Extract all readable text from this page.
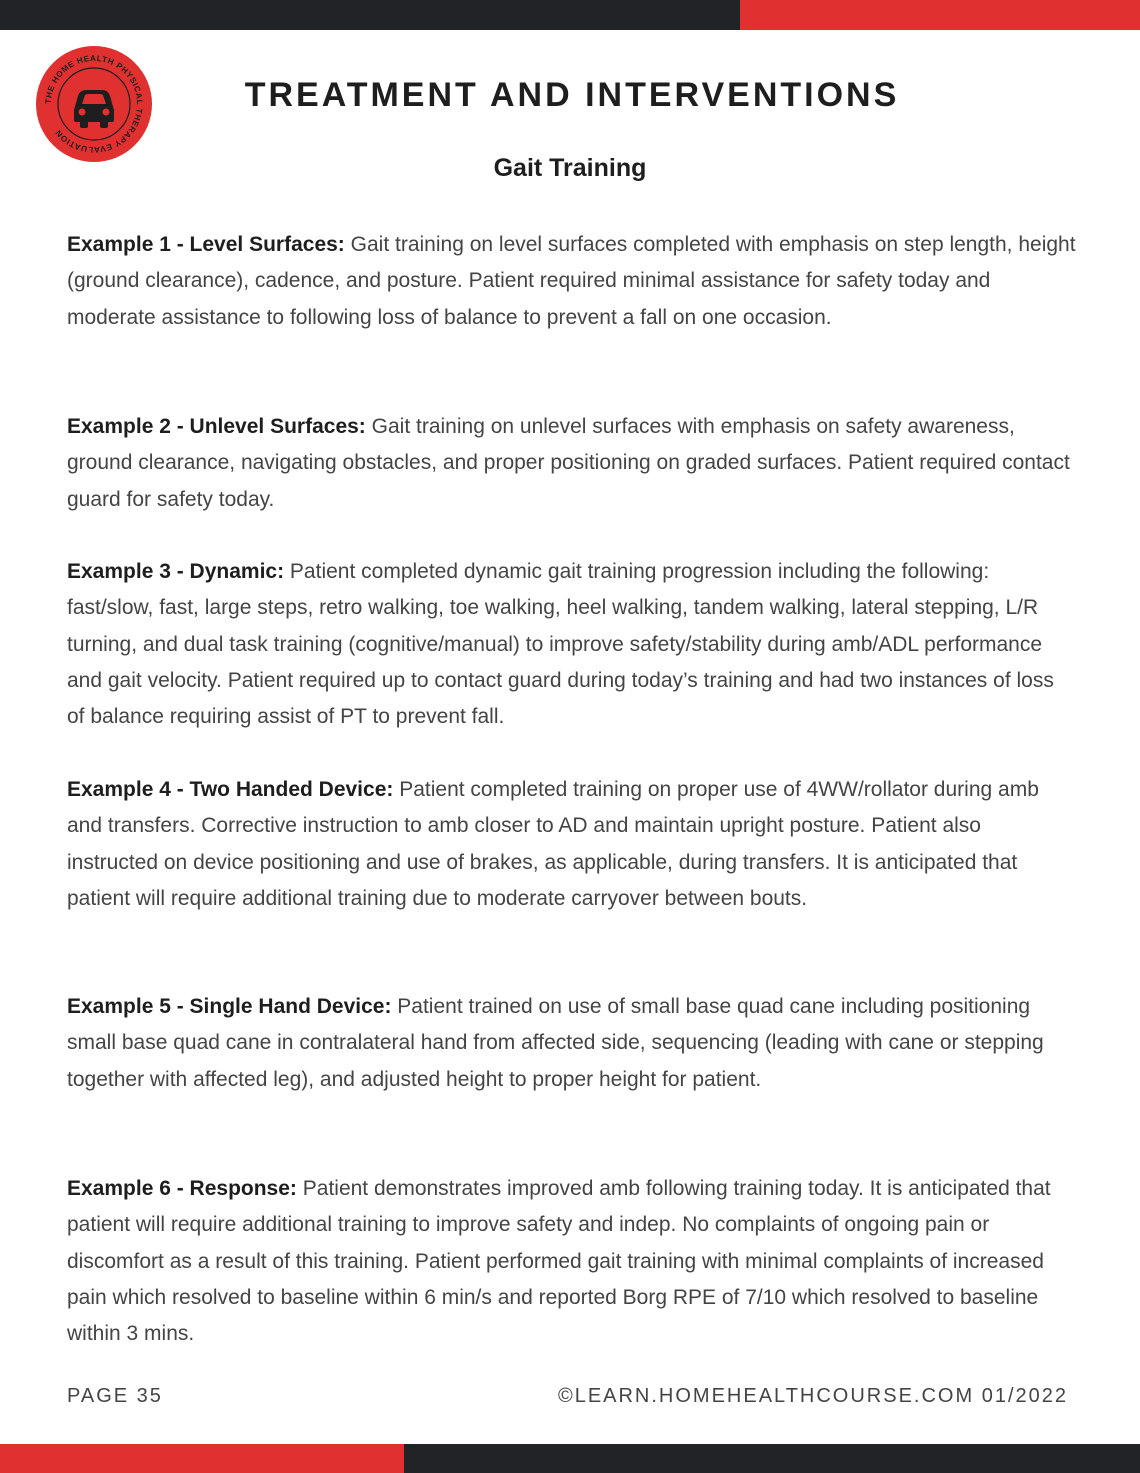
THE HOME HEALTH PHYSICAL THERAPY EVALUATION
TREATMENT AND INTERVENTIONS
Gait Training
Example 1 - Level Surfaces: Gait training on level surfaces completed with emphasis on step length, height (ground clearance), cadence, and posture. Patient required minimal assistance for safety today and moderate assistance to following loss of balance to prevent a fall on one occasion.
Example 2 - Unlevel Surfaces: Gait training on unlevel surfaces with emphasis on safety awareness, ground clearance, navigating obstacles, and proper positioning on graded surfaces. Patient required contact guard for safety today.
Example 3 - Dynamic: Patient completed dynamic gait training progression including the following: fast/slow, fast, large steps, retro walking, toe walking, heel walking, tandem walking, lateral stepping, L/R turning, and dual task training (cognitive/manual) to improve safety/stability during amb/ADL performance and gait velocity. Patient required up to contact guard during today’s training and had two instances of loss of balance requiring assist of PT to prevent fall.
Example 4 - Two Handed Device: Patient completed training on proper use of 4WW/rollator during amb and transfers. Corrective instruction to amb closer to AD and maintain upright posture. Patient also instructed on device positioning and use of brakes, as applicable, during transfers. It is anticipated that patient will require additional training due to moderate carryover between bouts.
Example 5 - Single Hand Device: Patient trained on use of small base quad cane including positioning small base quad cane in contralateral hand from affected side, sequencing (leading with cane or stepping together with affected leg), and adjusted height to proper height for patient.
Example 6 - Response: Patient demonstrates improved amb following training today. It is anticipated that patient will require additional training to improve safety and indep. No complaints of ongoing pain or discomfort as a result of this training. Patient performed gait training with minimal complaints of increased pain which resolved to baseline within 6 min/s and reported Borg RPE of 7/10 which resolved to baseline within 3 mins.
PAGE 35	©LEARN.HOMEHEALTHCOURSE.COM 01/2022
